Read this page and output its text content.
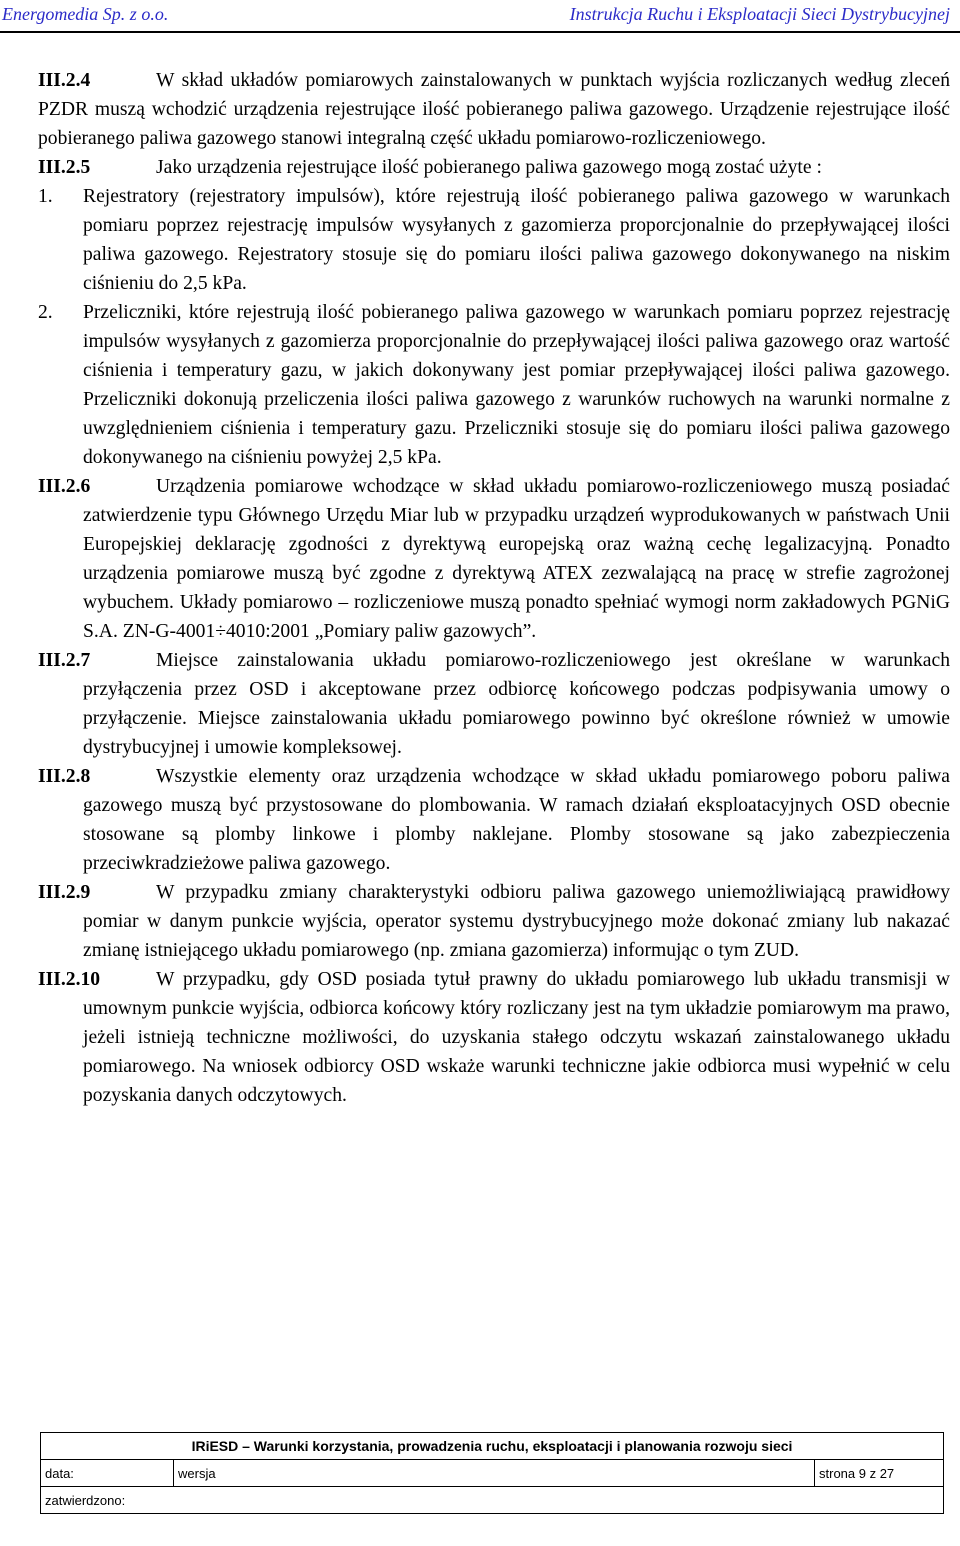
Energomedia Sp. z o.o.	Instrukcja Ruchu i Eksploatacji Sieci Dystrybucyjnej

III.2.4	W skład układów pomiarowych zainstalowanych w punktach wyjścia rozliczanych według zleceń PZDR muszą wchodzić urządzenia rejestrujące ilość pobieranego paliwa gazowego. Urządzenie rejestrujące ilość pobieranego paliwa gazowego stanowi integralną część układu pomiarowo-rozliczeniowego.

III.2.5	Jako urządzenia rejestrujące ilość pobieranego paliwa gazowego mogą zostać użyte :

1.	Rejestratory (rejestratory impulsów), które rejestrują ilość pobieranego paliwa gazowego w warunkach pomiaru poprzez rejestrację impulsów wysyłanych z gazomierza proporcjonalnie do przepływającej ilości paliwa gazowego. Rejestratory stosuje się do pomiaru ilości paliwa gazowego dokonywanego na niskim ciśnieniu do 2,5 kPa.
2.	Przeliczniki, które rejestrują ilość pobieranego paliwa gazowego w warunkach pomiaru poprzez rejestrację impulsów wysyłanych z gazomierza proporcjonalnie do przepływającej ilości paliwa gazowego oraz wartość ciśnienia i temperatury gazu, w jakich dokonywany jest pomiar przepływającej ilości paliwa gazowego. Przeliczniki dokonują przeliczenia ilości paliwa gazowego z warunków ruchowych na warunki normalne z uwzględnieniem ciśnienia i temperatury gazu. Przeliczniki stosuje się do pomiaru ilości paliwa gazowego dokonywanego na ciśnieniu powyżej 2,5 kPa.

III.2.6	Urządzenia pomiarowe wchodzące w skład układu pomiarowo-rozliczeniowego muszą posiadać zatwierdzenie typu Głównego Urzędu Miar lub w przypadku urządzeń wyprodukowanych w państwach Unii Europejskiej deklarację zgodności z dyrektywą europejską oraz ważną cechę legalizacyjną. Ponadto urządzenia pomiarowe muszą być zgodne z dyrektywą ATEX zezwalającą na pracę w strefie zagrożonej wybuchem. Układy pomiarowo – rozliczeniowe muszą ponadto spełniać wymogi norm zakładowych PGNiG S.A. ZN-G-4001÷4010:2001 „Pomiary paliw gazowych”.

III.2.7	Miejsce zainstalowania układu pomiarowo-rozliczeniowego jest określane w warunkach przyłączenia przez OSD i akceptowane przez odbiorcę końcowego podczas podpisywania umowy o przyłączenie. Miejsce zainstalowania układu pomiarowego powinno być określone również w umowie dystrybucyjnej i umowie kompleksowej.

III.2.8	Wszystkie elementy oraz urządzenia wchodzące w skład układu pomiarowego poboru paliwa gazowego muszą być przystosowane do plombowania. W ramach działań eksploatacyjnych OSD obecnie stosowane są plomby linkowe i plomby naklejane. Plomby stosowane są jako zabezpieczenia przeciwkradzieżowe paliwa gazowego.

III.2.9	W przypadku zmiany charakterystyki odbioru paliwa gazowego uniemożliwiającą prawidłowy pomiar w danym punkcie wyjścia, operator systemu dystrybucyjnego może dokonać zmiany lub nakazać zmianę istniejącego układu pomiarowego (np. zmiana gazomierza) informując o tym ZUD.

III.2.10	W przypadku, gdy OSD posiada tytuł prawny do układu pomiarowego lub układu transmisji w umownym punkcie wyjścia, odbiorca końcowy który rozliczany jest na tym układzie pomiarowym ma prawo, jeżeli istnieją techniczne możliwości, do uzyskania stałego odczytu wskazań zainstalowanego układu pomiarowego. Na wniosek odbiorcy OSD wskaże warunki techniczne jakie odbiorca musi wypełnić w celu pozyskania danych odczytowych.

IRiESD – Warunki korzystania, prowadzenia ruchu, eksploatacji i planowania rozwoju sieci
data:	wersja	strona 9 z 27
zatwierdzono:
